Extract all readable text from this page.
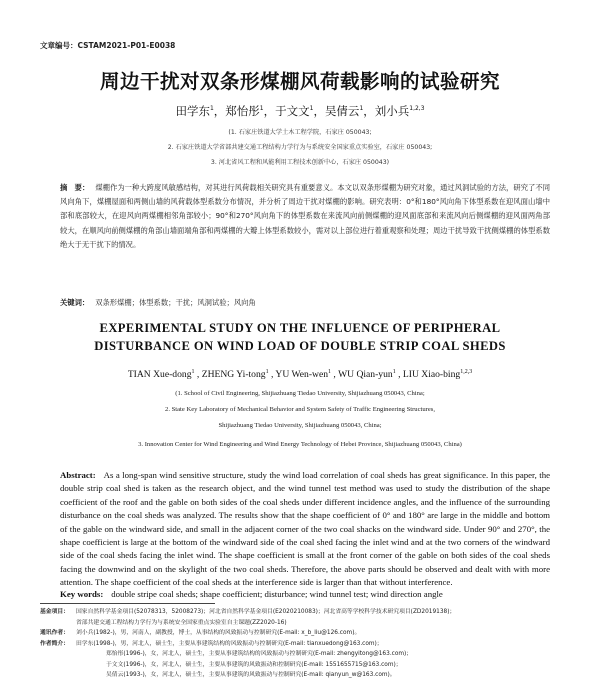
文章编号：CSTAM2021-P01-E0038
周边干扰对双条形煤棚风荷载影响的试验研究
田学东$^1$，郑怡彤$^1$，于文文$^1$，吴倩云$^1$，刘小兵$^{1,2,3}$
(1. 石家庄铁道大学土木工程学院，石家庄 050043;
2. 石家庄铁道大学省部共建交通工程结构力学行为与系统安全国家重点实验室，石家庄 050043;
3. 河北省风工程和风能利用工程技术创新中心，石家庄 050043)

摘　要： 煤棚作为一种大跨度风敏感结构，对其进行风荷载相关研究具有重要意义。本文以双条形煤棚为研究对象，通过风洞试验的方法，研究了不同风向角下，煤棚屋面和两侧山墙的风荷载体型系数分布情况，并分析了周边干扰对煤棚的影响。研究表明：0°和180°风向角下体型系数在迎风面山墙中部和底部较大，在迎风向两煤棚相邻角部较小；90°和270°风向角下的体型系数在来流风向前侧煤棚的迎风面底部和来流风向后侧煤棚的迎风面两角部较大，在顺风向前侧煤棚的角部山墙面端角部和两煤棚的大瓣上体型系数较小，需对以上部位进行着重观察和处理；周边干扰导致干扰侧煤棚的体型系数绝大于无干扰下的情况。

关键词： 双条形煤棚；体型系数；干扰；风洞试验；风向角

EXPERIMENTAL STUDY ON THE INFLUENCE OF PERIPHERAL
DISTURBANCE ON WIND LOAD OF DOUBLE STRIP COAL SHEDS
TIAN Xue-dong$^1$ , ZHENG Yi-tong$^1$ , YU Wen-wen$^1$ , WU Qian-yun$^1$ , LIU Xiao-bing$^{1,2,3}$
(1. School of Civil Engineering, Shijiazhuang Tiedao University, Shijiazhuang 050043, China;
2. State Key Laboratory of Mechanical Behavior and System Safety of Traffic Engineering Structures,
Shijiazhuang Tiedao University, Shijiazhuang 050043, China;
3. Innovation Center for Wind Engineering and Wind Energy Technology of Hebei Province, Shijiazhuang 050043, China)

Abstract: As a long-span wind sensitive structure, study the wind load correlation of coal sheds has great significance. In this paper, the double strip coal shed is taken as the research object, and the wind tunnel test method was used to study the distribution of the shape coefficient of the roof and the gable on both sides of the coal sheds under different incidence angles, and the influence of the surrounding disturbance on the coal sheds was analyzed. The results show that the shape coefficient of 0° and 180° are large in the middle and bottom of the gable on the windward side, and small in the adjacent corner of the two coal shacks on the windward side. Under 90° and 270°, the shape coefficient is large at the bottom of the windward side of the coal shed facing the inlet wind and at the two corners of the windward side of the coal sheds facing the inlet wind. The shape coefficient is small at the front corner of the gable on both sides of the coal sheds facing the downwind and on the skylight of the two coal sheds. Therefore, the above parts should be observed and dealt with with more attention. The shape coefficient of the coal sheds at the interference side is larger than that without interference.

Key words: double stripe coal sheds; shape coefficient; disturbance; wind tunnel test; wind direction angle

基金项目： 国家自然科学基金项目(52078313，52008273)；河北省自然科学基金项目(E2020210083)；河北省高等学校科学技术研究项目(ZD2019138)；
省部共建交通工程结构力学行为与系统安全国家重点实验室自主课题(ZZ2020-16)
通讯作者： 刘小兵(1982-)，男，河南人，副教授，博士，从事结构的风致振动与控制研究(E-mail: x_b_liu@126.com)。
作者简介： 田学东(1998-)，男，河北人，硕士生，主要从事建筑结构的风致振动与控制研究(E-mail: tianxuedong@163.com)；
郑怡彤(1996-)，女，河北人，硕士生，主要从事建筑结构的风致振动与控制研究(E-mail: zhengyitong@163.com)；
于文文(1996-)，女，河北人，硕士生，主要从事建筑的风致振动和控制研究(E-mail: 1551655715@163.com)；
吴倩云(1993-)，女，河北人，硕士生，主要从事建筑的风致振动与控制研究(E-mail: qianyun_w@163.com)。
